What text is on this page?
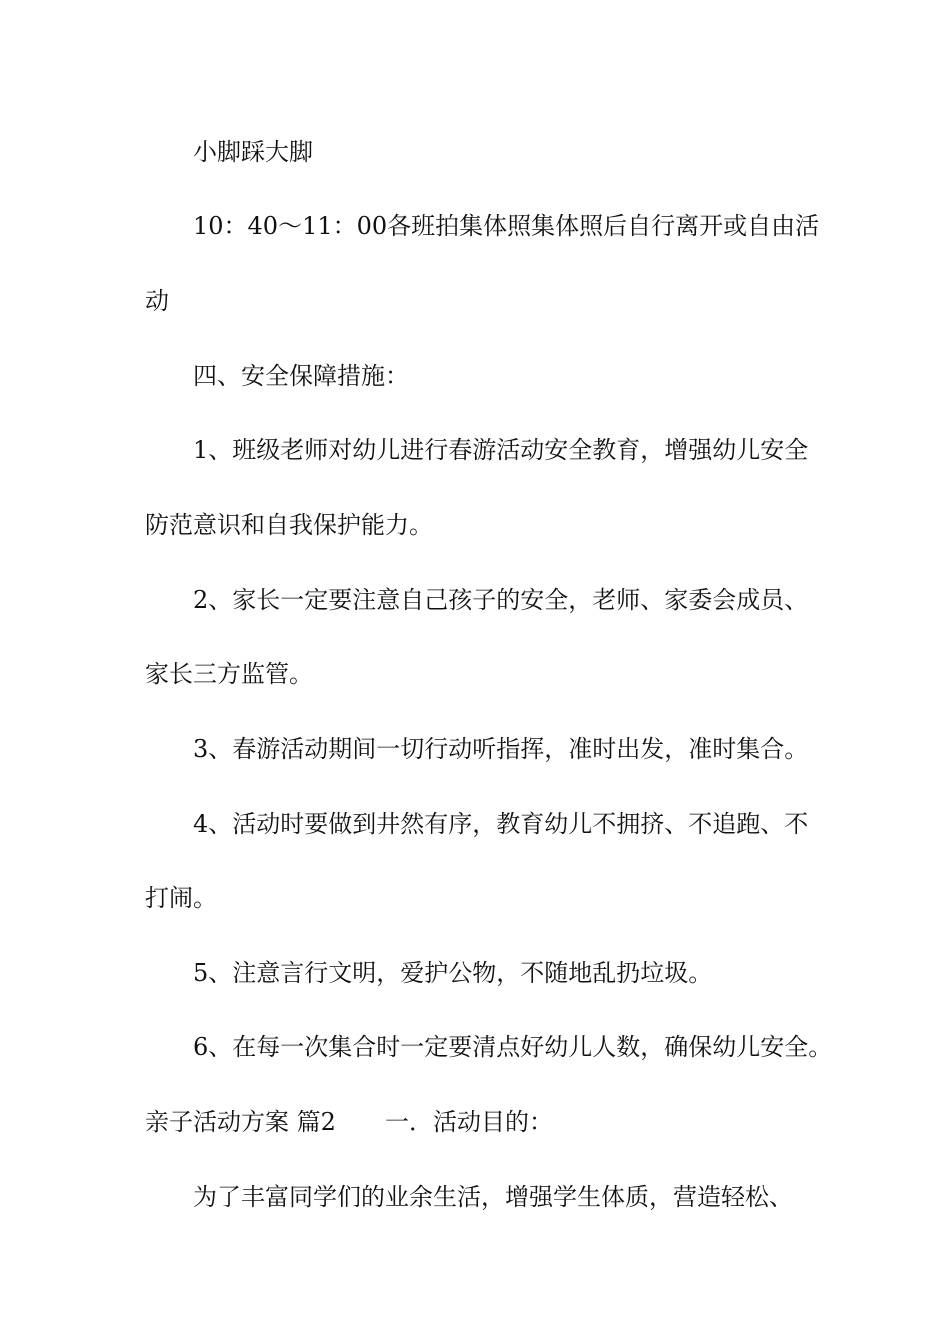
小脚踩大脚
10：40～11：00各班拍集体照集体照后自行离开或自由活
动
四、安全保障措施：
1、班级老师对幼儿进行春游活动安全教育，增强幼儿安全
防范意识和自我保护能力。
2、家长一定要注意自己孩子的安全，老师、家委会成员、
家长三方监管。
3、春游活动期间一切行动听指挥，准时出发，准时集合。
4、活动时要做到井然有序，教育幼儿不拥挤、不追跑、不
打闹。
5、注意言行文明，爱护公物，不随地乱扔垃圾。
6、在每一次集合时一定要清点好幼儿人数，确保幼儿安全。
亲子活动方案 篇2 一．活动目的：
为了丰富同学们的业余生活，增强学生体质，营造轻松、
